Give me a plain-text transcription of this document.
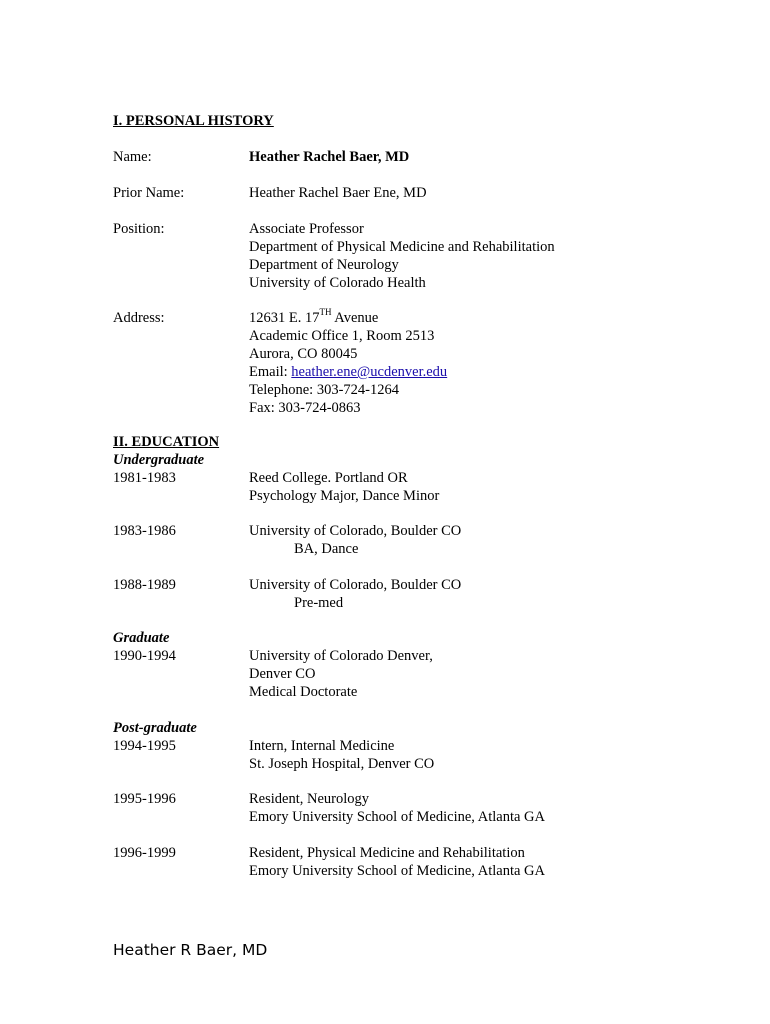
I. PERSONAL HISTORY
Name:	Heather Rachel Baer, MD
Prior Name:	Heather Rachel Baer Ene, MD
Position:	Associate Professor
Department of Physical Medicine and Rehabilitation
Department of Neurology
University of Colorado Health
Address:	12631 E. 17TH Avenue
Academic Office 1, Room 2513
Aurora, CO 80045
Email: heather.ene@ucdenver.edu
Telephone: 303-724-1264
Fax: 303-724-0863
II. EDUCATION
Undergraduate
1981-1983	Reed College. Portland OR
Psychology Major, Dance Minor
1983-1986	University of Colorado, Boulder CO
BA, Dance
1988-1989	University of Colorado, Boulder CO
Pre-med
Graduate
1990-1994	University of Colorado Denver,
Denver CO
Medical Doctorate
Post-graduate
1994-1995	Intern, Internal Medicine
St. Joseph Hospital, Denver CO
1995-1996	Resident, Neurology
Emory University School of Medicine, Atlanta GA
1996-1999	Resident, Physical Medicine and Rehabilitation
Emory University School of Medicine, Atlanta GA
Heather R Baer, MD
